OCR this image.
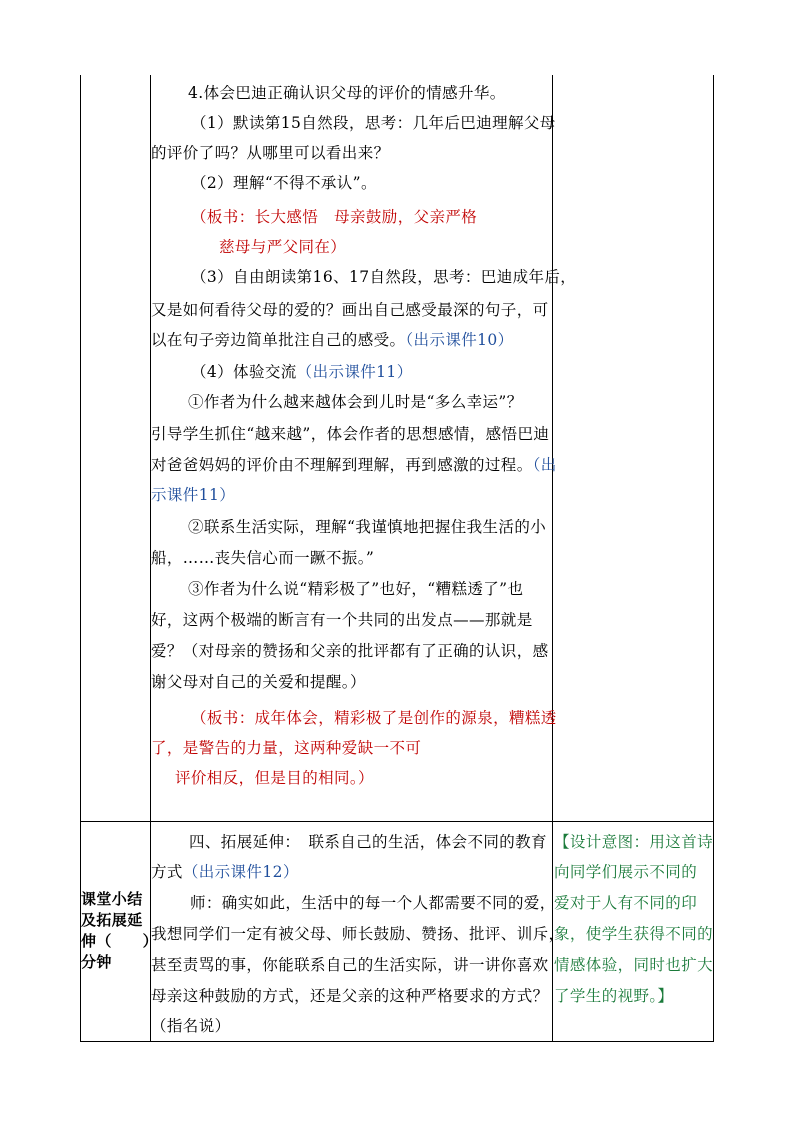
4.体会巴迪正确认识父母的评价的情感升华。
（1）默读第15自然段，思考：几年后巴迪理解父母
的评价了吗？从哪里可以看出来？
（2）理解“不得不承认”。
（板书：长大感悟　母亲鼓励，父亲严格
慈母与严父同在）
（3）自由朗读第16、17自然段，思考：巴迪成年后，
又是如何看待父母的爱的？画出自己感受最深的句子，可
以在句子旁边简单批注自己的感受。（出示课件10）
（4）体验交流（出示课件11）
①作者为什么越来越体会到儿时是“多么幸运”？
引导学生抓住“越来越”，体会作者的思想感情，感悟巴迪
对爸爸妈妈的评价由不理解到理解，再到感激的过程。（出
示课件11）
②联系生活实际，理解“我谨慎地把握住我生活的小
船，……丧失信心而一蹶不振。”
③作者为什么说“精彩极了”也好，“糟糕透了”也
好，这两个极端的断言有一个共同的出发点——那就是
爱？（对母亲的赞扬和父亲的批评都有了正确的认识，感
谢父母对自己的关爱和提醒。）
（板书：成年体会，精彩极了是创作的源泉，糟糕透
了，是警告的力量，这两种爱缺一不可
评价相反，但是目的相同。）
课堂小结
及拓展延
伸（　　）
分钟
四、拓展延伸：　联系自己的生活，体会不同的教育
方式（出示课件12）
师：确实如此，生活中的每一个人都需要不同的爱，
我想同学们一定有被父母、师长鼓励、赞扬、批评、训斥，
甚至责骂的事，你能联系自己的生活实际，讲一讲你喜欢
母亲这种鼓励的方式，还是父亲的这种严格要求的方式？
（指名说）
【设计意图：用这首诗
向同学们展示不同的
爱对于人有不同的印
象，使学生获得不同的
情感体验，同时也扩大
了学生的视野。】
